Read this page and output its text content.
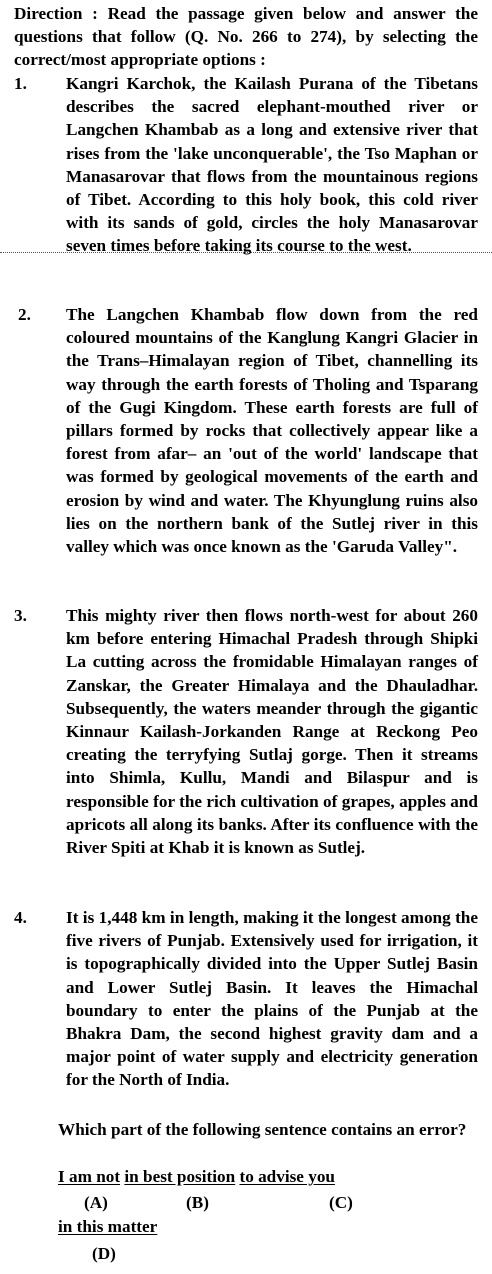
Direction : Read the passage given below and answer the questions that follow (Q. No. 266 to 274), by selecting the correct/most appropriate options :
1.	Kangri Karchok, the Kailash Purana of the Tibetans describes the sacred elephant-mouthed river or Langchen Khambab as a long and extensive river that rises from the 'lake unconquerable', the Tso Maphan or Manasarovar that flows from the mountainous regions of Tibet. According to this holy book, this cold river with its sands of gold, circles the holy Manasarovar seven times before taking its course to the west.
2.	The Langchen Khambab flow down from the red coloured mountains of the Kanglung Kangri Glacier in the Trans–Himalayan region of Tibet, channelling its way through the earth forests of Tholing and Tsparang of the Gugi Kingdom. These earth forests are full of pillars formed by rocks that collectively appear like a forest from afar– an 'out of the world' landscape that was formed by geological movements of the earth and erosion by wind and water. The Khyunglung ruins also lies on the northern bank of the Sutlej river in this valley which was once known as the 'Garuda Valley".
3.	This mighty river then flows north-west for about 260 km before entering Himachal Pradesh through Shipki La cutting across the fromidable Himalayan ranges of Zanskar, the Greater Himalaya and the Dhauladhar. Subsequently, the waters meander through the gigantic Kinnaur Kailash-Jorkanden Range at Reckong Peo creating the terryfying Sutlaj gorge. Then it streams into Shimla, Kullu, Mandi and Bilaspur and is responsible for the rich cultivation of grapes, apples and apricots all along its banks. After its confluence with the River Spiti at Khab it is known as Sutlej.
4.	It is 1,448 km in length, making it the longest among the five rivers of Punjab. Extensively used for irrigation, it is topographically divided into the Upper Sutlej Basin and Lower Sutlej Basin. It leaves the Himachal boundary to enter the plains of the Punjab at the Bhakra Dam, the second highest gravity dam and a major point of water supply and electricity generation for the North of India.
Which part of the following sentence contains an error?
I am not in best position to advise you
(A)	(B)	(C)
in this matter
(D)
